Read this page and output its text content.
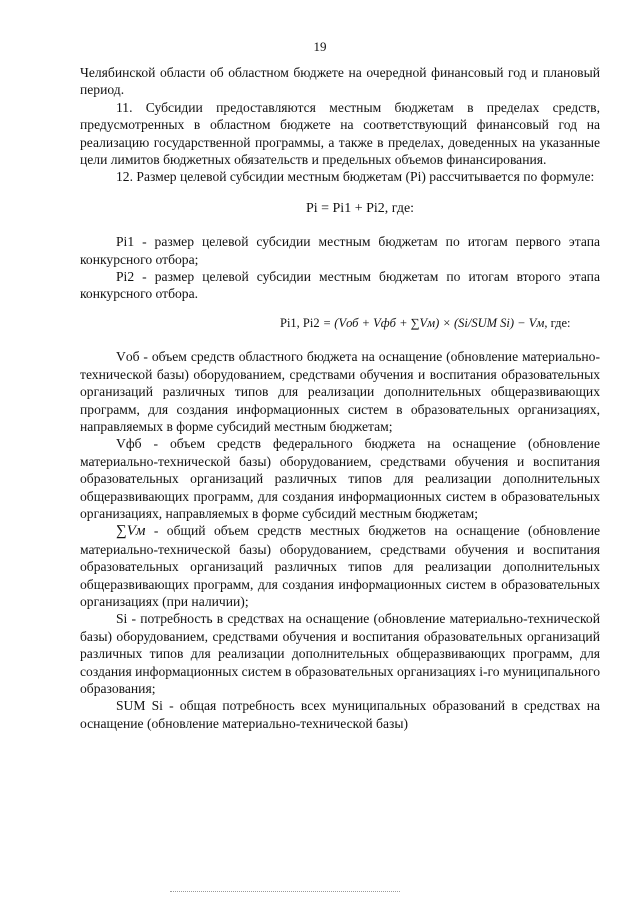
19

Челябинской области об областном бюджете на очередной финансовый год и плановый период.

11. Субсидии предоставляются местным бюджетам в пределах средств, предусмотренных в областном бюджете на соответствующий финансовый год на реализацию государственной программы, а также в пределах, доведенных на указанные цели лимитов бюджетных обязательств и предельных объемов финансирования.

12. Размер целевой субсидии местным бюджетам (Pi) рассчитывается по формуле:

Pi = Pi1 + Pi2, где:

Pi1 - размер целевой субсидии местным бюджетам по итогам первого этапа конкурсного отбора;

Pi2 - размер целевой субсидии местным бюджетам по итогам второго этапа конкурсного отбора.

Pi1, Pi2 = (Vоб + Vфб + ∑Vм) × (Si/SUM Si) − Vм, где:

Vоб - объем средств областного бюджета на оснащение (обновление материально-технической базы) оборудованием, средствами обучения и воспитания образовательных организаций различных типов для реализации дополнительных общеразвивающих программ, для создания информационных систем в образовательных организациях, направляемых в форме субсидий местным бюджетам;

Vфб - объем средств федерального бюджета на оснащение (обновление материально-технической базы) оборудованием, средствами обучения и воспитания образовательных организаций различных типов для реализации дополнительных общеразвивающих программ, для создания информационных систем в образовательных организациях, направляемых в форме субсидий местным бюджетам;

∑Vм - общий объем средств местных бюджетов на оснащение (обновление материально-технической базы) оборудованием, средствами обучения и воспитания образовательных организаций различных типов для реализации дополнительных общеразвивающих программ, для создания информационных систем в образовательных организациях (при наличии);

Si - потребность в средствах на оснащение (обновление материально-технической базы) оборудованием, средствами обучения и воспитания образовательных организаций различных типов для реализации дополнительных общеразвивающих программ, для создания информационных систем в образовательных организациях i-го муниципального образования;

SUM Si - общая потребность всех муниципальных образований в средствах на оснащение (обновление материально-технической базы)
